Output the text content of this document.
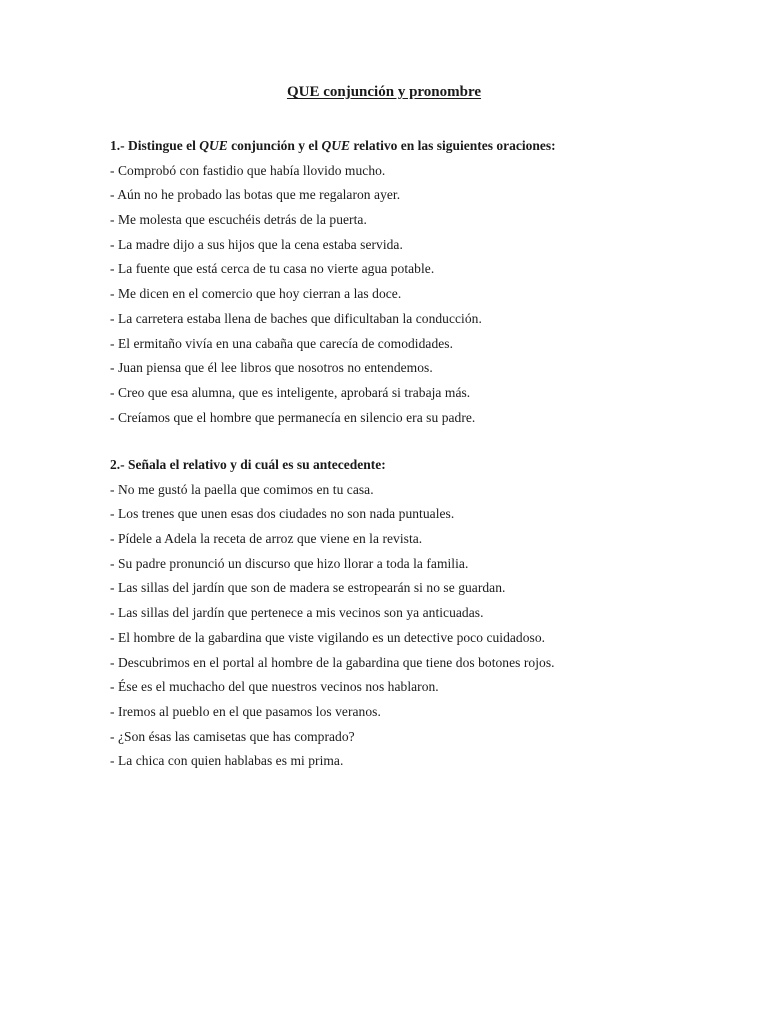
QUE conjunción y pronombre
1.- Distingue el QUE conjunción y el QUE relativo en las siguientes oraciones:
- Comprobó con fastidio que había llovido mucho.
- Aún no he probado las botas que me regalaron ayer.
- Me molesta que escuchéis detrás de la puerta.
- La madre dijo a sus hijos que la cena estaba servida.
- La fuente que está cerca de tu casa no vierte agua potable.
- Me dicen en el comercio que hoy cierran a las doce.
- La carretera estaba llena de baches que dificultaban la conducción.
- El ermitaño vivía en una cabaña que carecía de comodidades.
- Juan piensa que él lee libros que nosotros no entendemos.
- Creo que esa alumna, que es inteligente, aprobará si trabaja más.
- Creíamos que el hombre que permanecía en silencio era su padre.
2.- Señala el relativo y di cuál es su antecedente:
- No me gustó la paella que comimos en tu casa.
- Los trenes que unen esas dos ciudades no son nada puntuales.
- Pídele a Adela la receta de arroz que viene en la revista.
- Su padre pronunció un discurso que hizo llorar a toda la familia.
- Las sillas del jardín que son de madera se estropearán si no se guardan.
- Las sillas del jardín que pertenece a mis vecinos son ya anticuadas.
- El hombre de la gabardina que viste vigilando es un detective poco cuidadoso.
- Descubrimos en el portal al hombre de la gabardina que tiene dos botones rojos.
- Ése es el muchacho del que nuestros vecinos nos hablaron.
- Iremos al pueblo en el que pasamos los veranos.
- ¿Son ésas las camisetas que has comprado?
- La chica con quien hablabas es mi prima.
